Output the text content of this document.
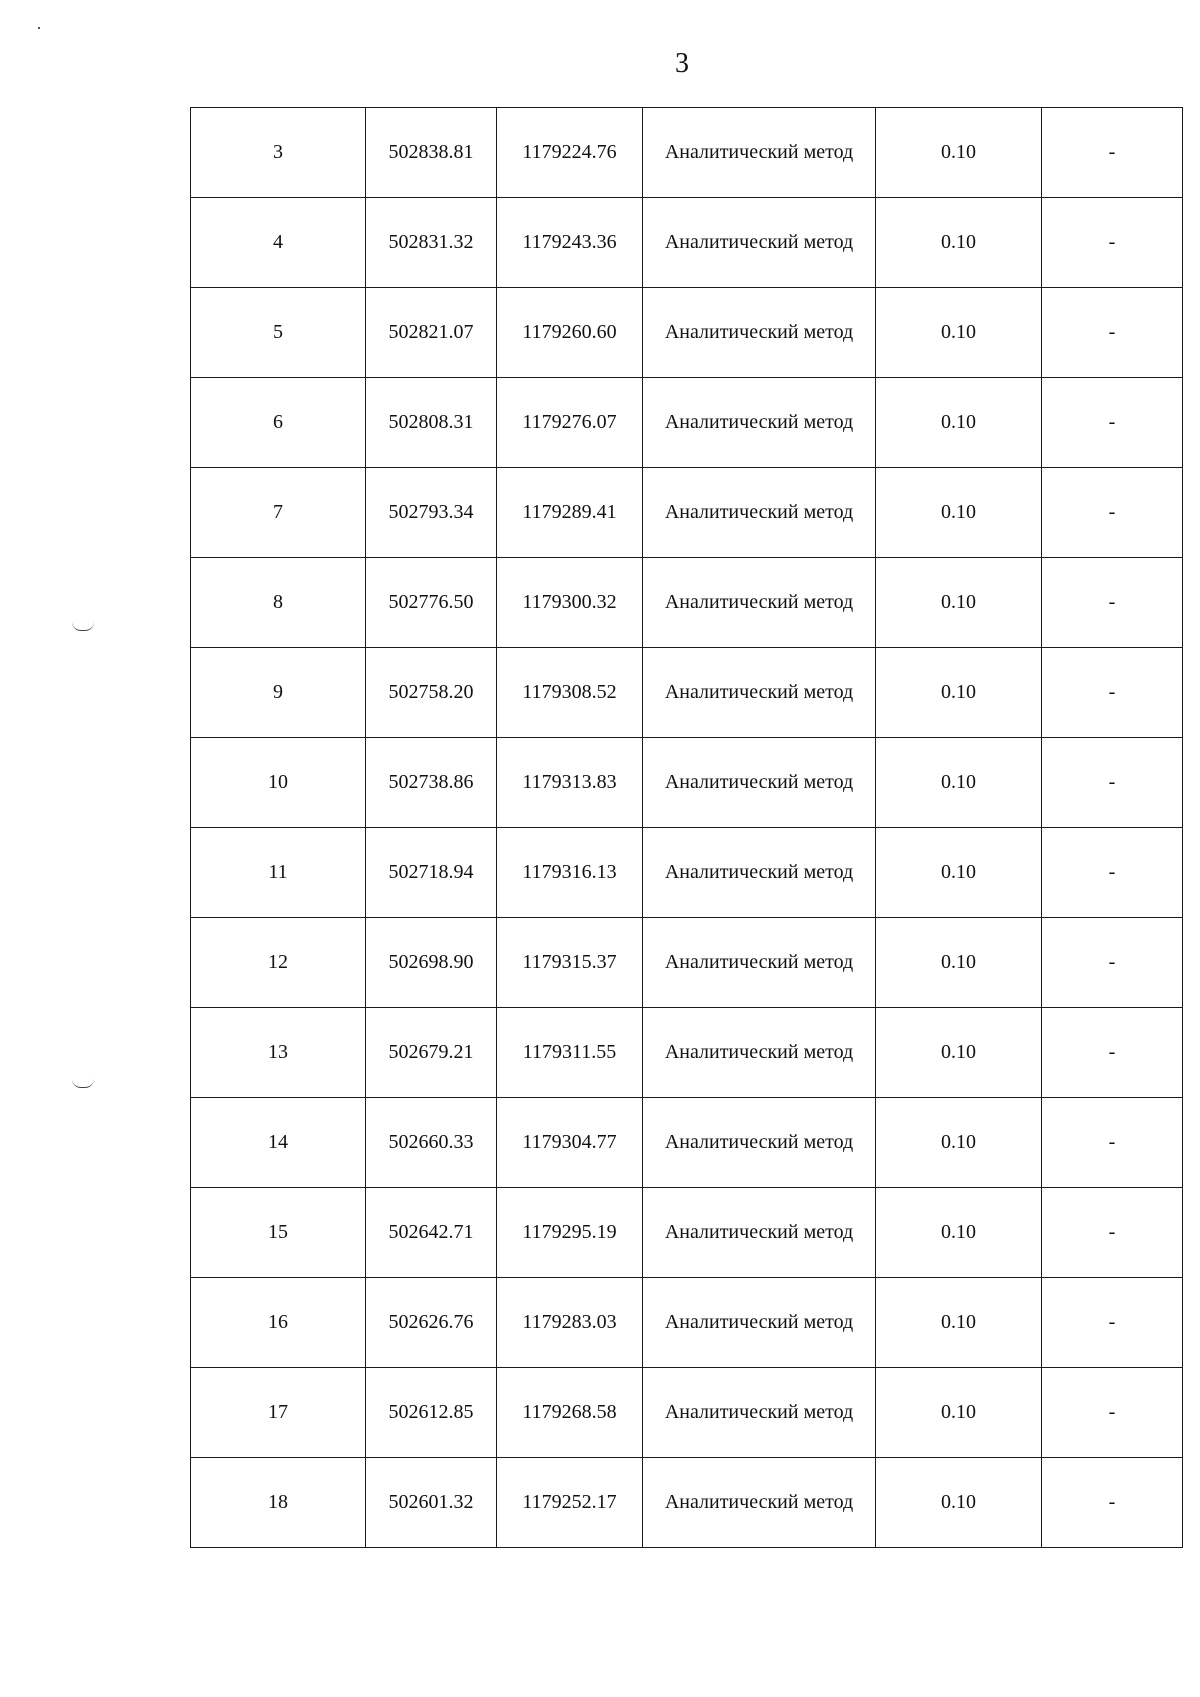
3
3	502838.81	1179224.76	Аналитический метод	0.10	-
4	502831.32	1179243.36	Аналитический метод	0.10	-
5	502821.07	1179260.60	Аналитический метод	0.10	-
6	502808.31	1179276.07	Аналитический метод	0.10	-
7	502793.34	1179289.41	Аналитический метод	0.10	-
8	502776.50	1179300.32	Аналитический метод	0.10	-
9	502758.20	1179308.52	Аналитический метод	0.10	-
10	502738.86	1179313.83	Аналитический метод	0.10	-
11	502718.94	1179316.13	Аналитический метод	0.10	-
12	502698.90	1179315.37	Аналитический метод	0.10	-
13	502679.21	1179311.55	Аналитический метод	0.10	-
14	502660.33	1179304.77	Аналитический метод	0.10	-
15	502642.71	1179295.19	Аналитический метод	0.10	-
16	502626.76	1179283.03	Аналитический метод	0.10	-
17	502612.85	1179268.58	Аналитический метод	0.10	-
18	502601.32	1179252.17	Аналитический метод	0.10	-
